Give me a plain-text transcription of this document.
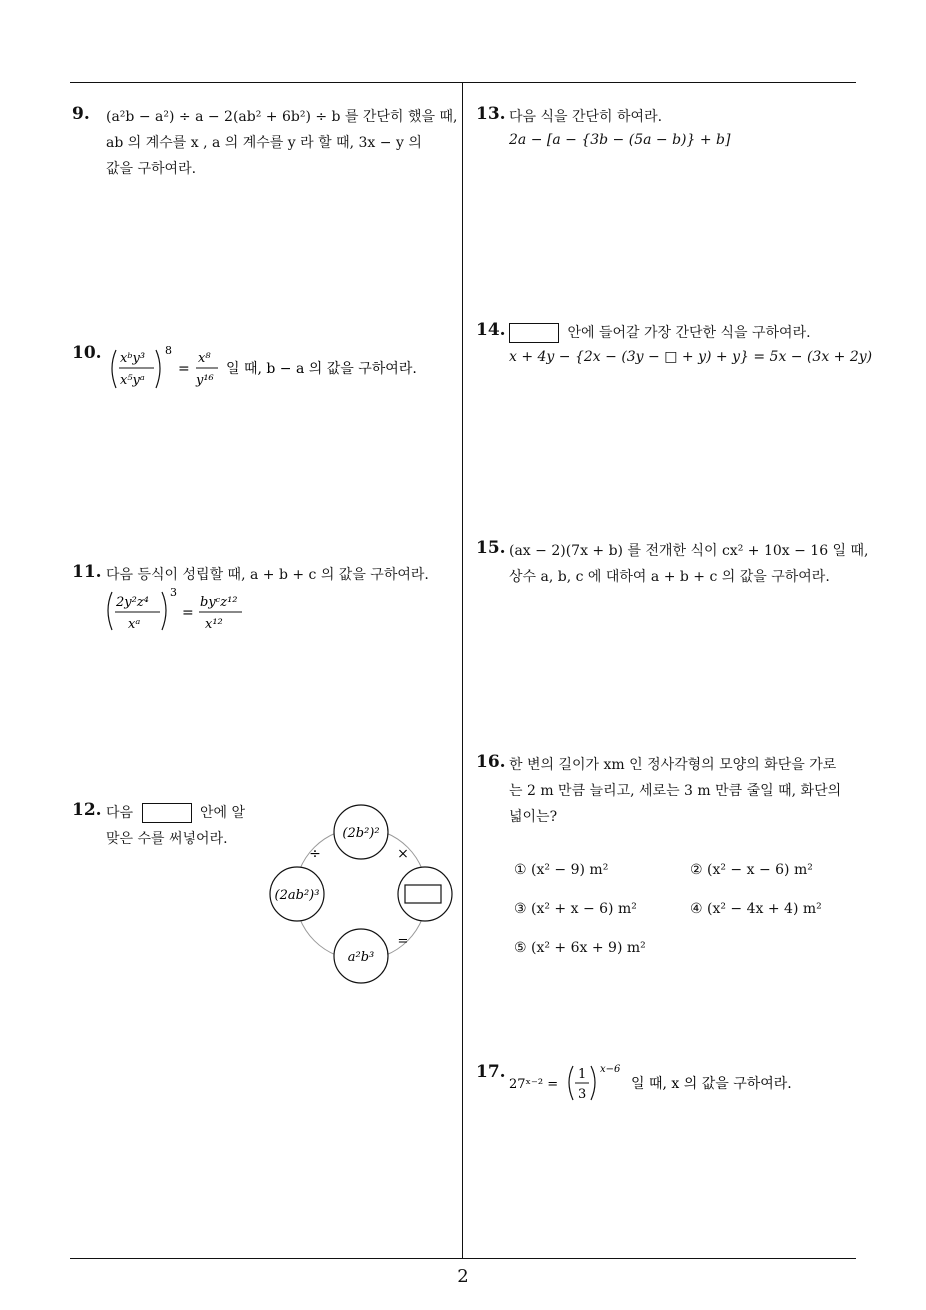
9. (a²b − a²) ÷ a − 2(ab² + 6b²) ÷ b 를 간단히 했을 때,
ab 의 계수를 x , a 의 계수를 y 라 할 때, 3x − y 의
값을 구하여라.
10. xᵇy³
x⁵yᵃ
8
=
x⁸
y¹⁶
일 때, b − a 의 값을 구하여라.
11. 다음 등식이 성립할 때, a + b + c 의 값을 구하여라.
2y²z⁴
xᵃ
3
=
byᶜz¹²
x¹²
12. 다음	안에 알
맞은 수를 써넣어라.	(2b²)²
(2ab²)³
a²b³
÷	×
=
13. 다음 식을 간단히 하여라.
2a − [a − {3b − (5a − b)} + b]
14.	안에 들어갈 가장 간단한 식을 구하여라.
x + 4y − {2x − (3y − □ + y) + y} = 5x − (3x + 2y)
15. (ax − 2)(7x + b) 를 전개한 식이 cx² + 10x − 16 일 때,
상수 a, b, c 에 대하여 a + b + c 의 값을 구하여라.
16. 한 변의 길이가 xm 인 정사각형의 모양의 화단을 가로
는 2 m 만큼 늘리고, 세로는 3 m 만큼 줄일 때, 화단의
넓이는?
① (x² − 9) m²	② (x² − x − 6) m²
③ (x² + x − 6) m²	④ (x² − 4x + 4) m²
⑤ (x² + 6x + 9) m²
17.
27ˣ⁻² =
1
3
x−6
일 때, x 의 값을 구하여라.
2
